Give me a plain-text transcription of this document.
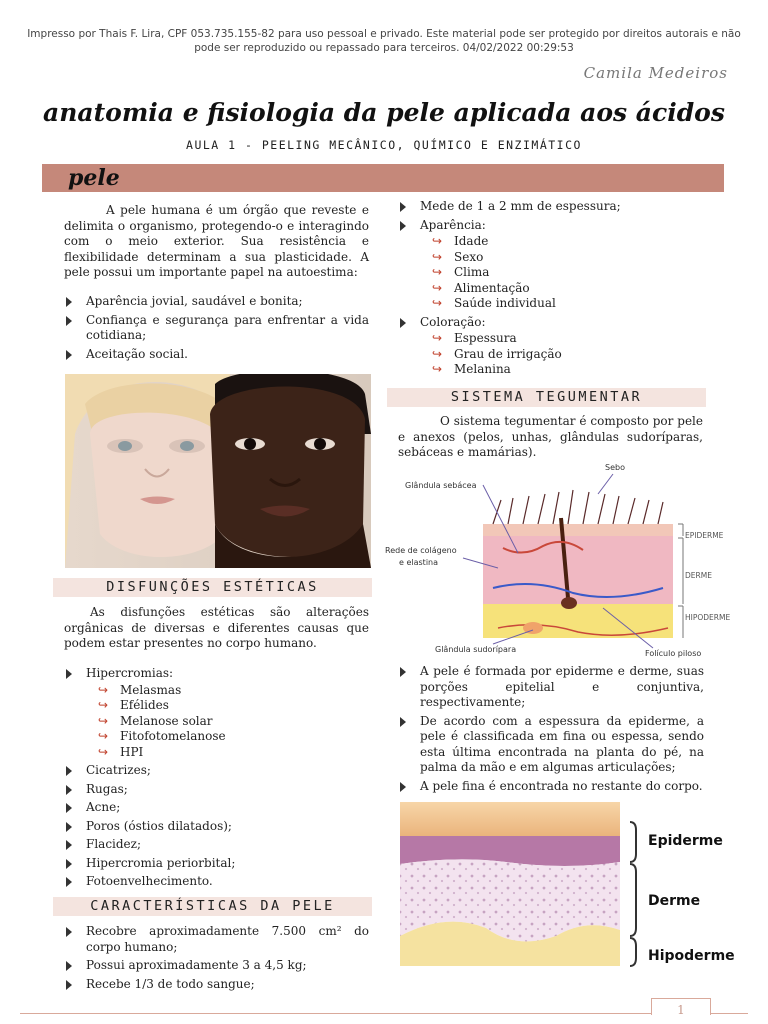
Impresso por Thais F. Lira, CPF 053.735.155-82 para uso pessoal e privado. Este material pode ser protegido por direitos autorais e não pode ser reproduzido ou repassado para terceiros. 04/02/2022 00:29:53
Camila Medeiros
anatomia e fisiologia da pele aplicada aos ácidos
AULA 1 - PEELING MECÂNICO, QUÍMICO E ENZIMÁTICO
pele
A pele humana é um órgão que reveste e delimita o organismo, protegendo-o e interagindo com o meio exterior. Sua resistência e flexibilidade determinam a sua plasticidade. A pele possui um importante papel na autoestima:
Aparência jovial, saudável e bonita;
Confiança e segurança para enfrentar a vida cotidiana;
Aceitação social.
DISFUNÇÕES ESTÉTICAS
As disfunções estéticas são alterações orgânicas de diversas e diferentes causas que podem estar presentes no corpo humano.
Hipercromias:
↪ Melasmas
↪ Efélides
↪ Melanose solar
↪ Fitofotomelanose
↪ HPI
Cicatrizes;
Rugas;
Acne;
Poros (óstios dilatados);
Flacidez;
Hipercromia periorbital;
Fotoenvelhecimento.
CARACTERÍSTICAS DA PELE
Recobre aproximadamente 7.500 cm² do corpo humano;
Possui aproximadamente 3 a 4,5 kg;
Recebe 1/3 de todo sangue;
Mede de 1 a 2 mm de espessura;
Aparência:
↪ Idade
↪ Sexo
↪ Clima
↪ Alimentação
↪ Saúde individual
Coloração:
↪ Espessura
↪ Grau de irrigação
↪ Melanina
SISTEMA TEGUMENTAR
O sistema tegumentar é composto por pele e anexos (pelos, unhas, glândulas sudoríparas, sebáceas e mamárias).
Sebo
Glândula sebácea
Rede de colágeno
e elastina
Glândula sudorípara	Folículo piloso
EPIDERME
DERME
HIPODERME
A pele é formada por epiderme e derme, suas porções epitelial e conjuntiva, respectivamente;
De acordo com a espessura da epiderme, a pele é classificada em fina ou espessa, sendo esta última encontrada na planta do pé, na palma da mão e em algumas articulações;
A pele fina é encontrada no restante do corpo.
Epiderme
Derme
Hipoderme
1
